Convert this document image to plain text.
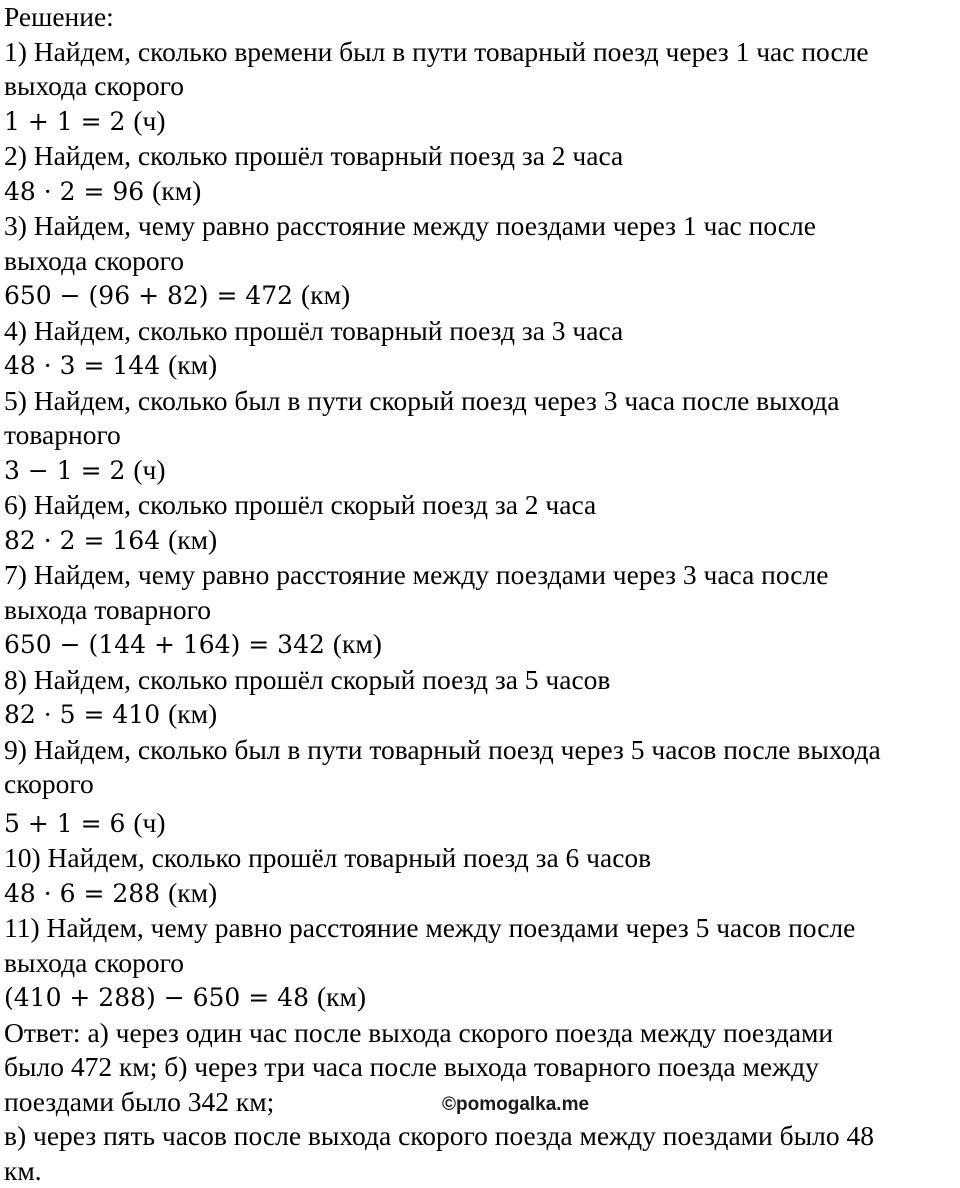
Решение:
1) Найдем, сколько времени был в пути товарный поезд через 1 час после
выхода скорого
1 + 1 = 2 (ч)
2) Найдем, сколько прошёл товарный поезд за 2 часа
48 · 2 = 96 (км)
3) Найдем, чему равно расстояние между поездами через 1 час после
выхода скорого
650 − (96 + 82) = 472 (км)
4) Найдем, сколько прошёл товарный поезд за 3 часа
48 · 3 = 144 (км)
5) Найдем, сколько был в пути скорый поезд через 3 часа после выхода
товарного
3 − 1 = 2 (ч)
6) Найдем, сколько прошёл скорый поезд за 2 часа
82 · 2 = 164 (км)
7) Найдем, чему равно расстояние между поездами через 3 часа после
выхода товарного
650 − (144 + 164) = 342 (км)
8) Найдем, сколько прошёл скорый поезд за 5 часов
82 · 5 = 410 (км)
9) Найдем, сколько был в пути товарный поезд через 5 часов после выхода
скорого
5 + 1 = 6 (ч)
10) Найдем, сколько прошёл товарный поезд за 6 часов
48 · 6 = 288 (км)
11) Найдем, чему равно расстояние между поездами через 5 часов после
выхода скорого
(410 + 288) − 650 = 48 (км)
Ответ: а) через один час после выхода скорого поезда между поездами
было 472 км; б) через три часа после выхода товарного поезда между
поездами было 342 км;
в) через пять часов после выхода скорого поезда между поездами было 48
км.
©pomogalka.me
